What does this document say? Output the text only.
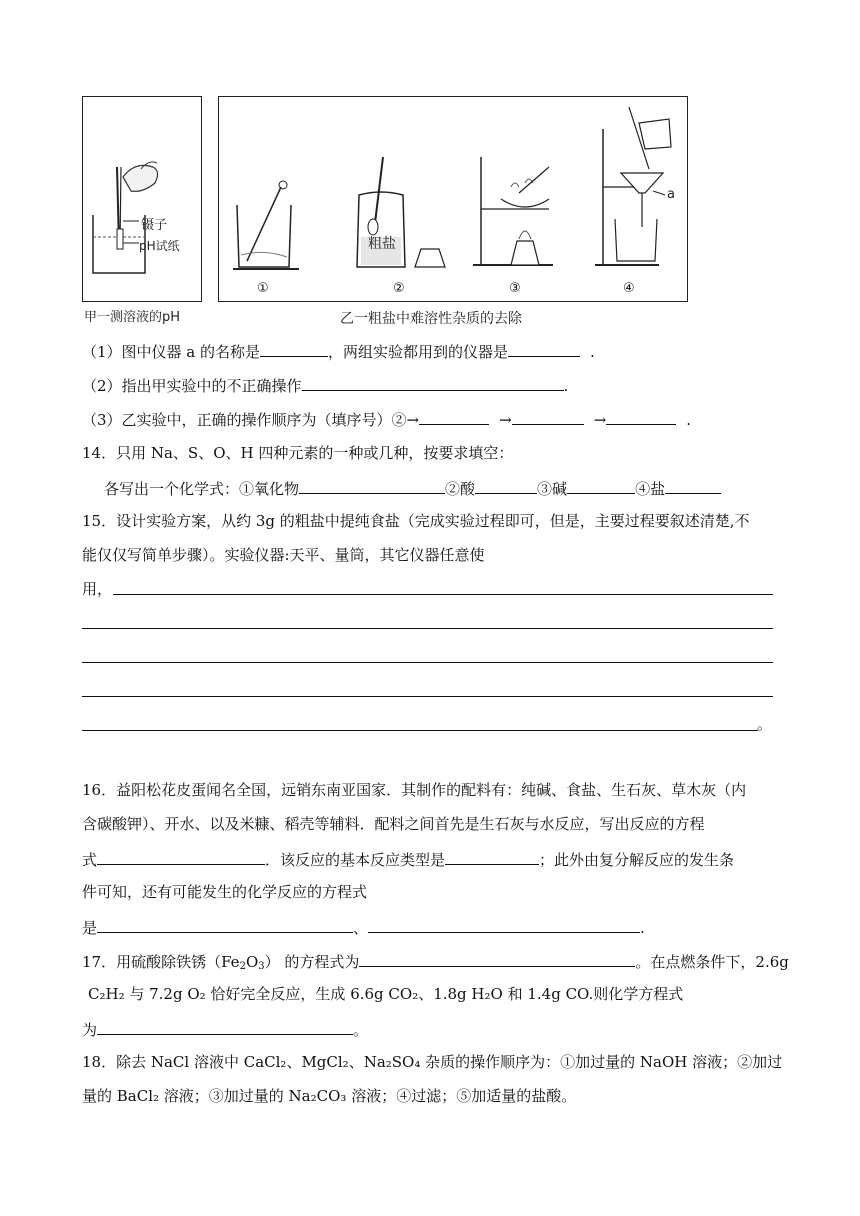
镊子
pH试纸
甲一测溶液的pH
粗盐
a
①	②	③	④
乙一粗盐中难溶性杂质的去除
（1）图中仪器 a 的名称是	，两组实验都用到的仪器是	.
（2）指出甲实验中的不正确操作	.
（3）乙实验中，正确的操作顺序为（填序号）②→	→	→	.
14．只用 Na、S、O、H 四种元素的一种或几种，按要求填空：
各写出一个化学式：①氧化物	②酸	③碱	④盐
15．设计实验方案，从约 3g 的粗盐中提纯食盐（完成实验过程即可，但是，主要过程要叙述清楚,不
能仅仅写简单步骤）。实验仪器:天平、量筒，其它仪器任意使
用，
。
16．益阳松花皮蛋闻名全国，远销东南亚国家．其制作的配料有：纯碱、食盐、生石灰、草木灰（内
含碳酸钾）、开水、以及米糠、稻壳等辅料．配料之间首先是生石灰与水反应，写出反应的方程
式	．该反应的基本反应类型是	；此外由复分解反应的发生条
件可知，还有可能发生的化学反应的方程式
是	、	.
17．用硫酸除铁锈$(Fe_2O_3)$ 的方程式为	。在点燃条件下，2.6g
C₂H₂ 与 7.2g O₂ 恰好完全反应，生成 6.6g CO₂、1.8g H₂O 和 1.4g CO.则化学方程式
为	。
18．除去 NaCl 溶液中 CaCl₂、MgCl₂、Na₂SO₄ 杂质的操作顺序为：①加过量的 NaOH 溶液；②加过
量的 BaCl₂ 溶液；③加过量的 Na₂CO₃ 溶液；④过滤；⑤加适量的盐酸。
